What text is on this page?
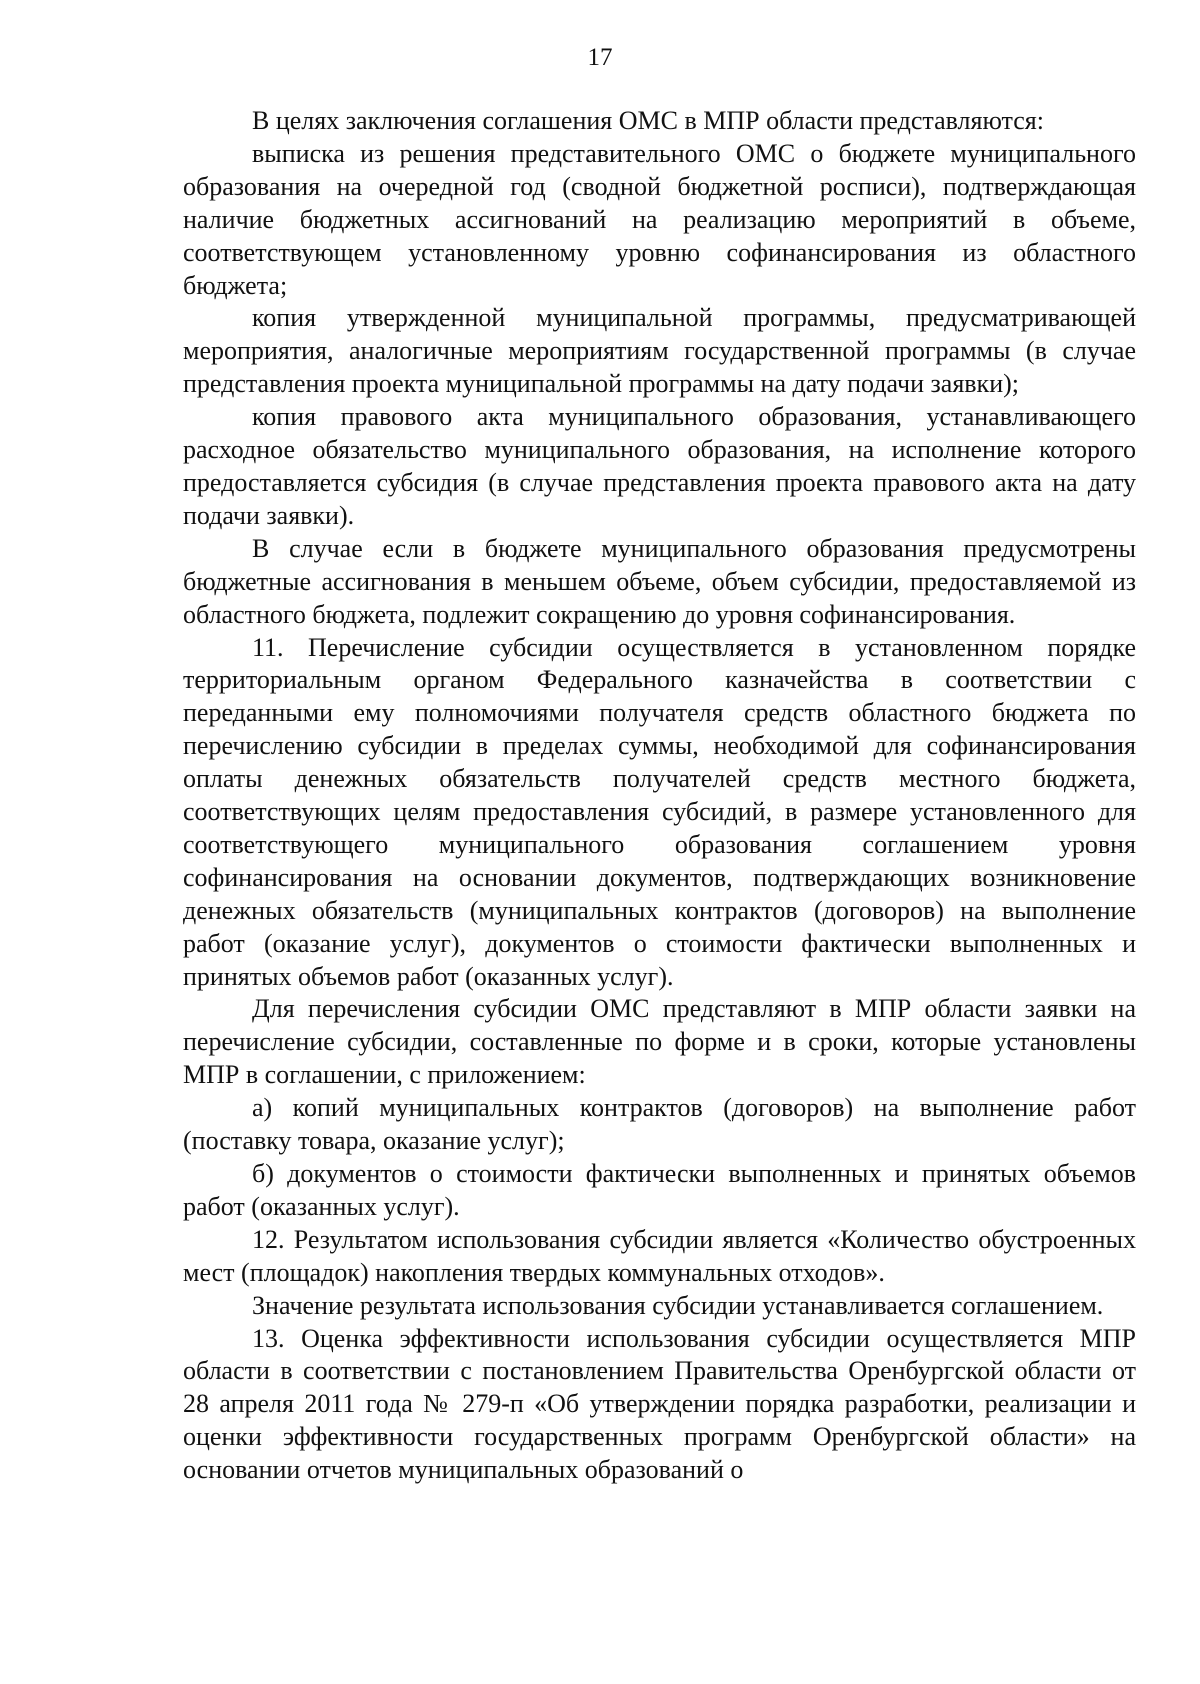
17

В целях заключения соглашения ОМС в МПР области представляются:

выписка из решения представительного ОМС о бюджете муниципального образования на очередной год (сводной бюджетной росписи), подтверждающая наличие бюджетных ассигнований на реализацию мероприятий в объеме, соответствующем установленному уровню софинансирования из областного бюджета;

копия утвержденной муниципальной программы, предусматривающей мероприятия, аналогичные мероприятиям государственной программы (в случае представления проекта муниципальной программы на дату подачи заявки);

копия правового акта муниципального образования, устанавливающего расходное обязательство муниципального образования, на исполнение которого предоставляется субсидия (в случае представления проекта правового акта на дату подачи заявки).

В случае если в бюджете муниципального образования предусмотрены бюджетные ассигнования в меньшем объеме, объем субсидии, предоставляемой из областного бюджета, подлежит сокращению до уровня софинансирования.

11. Перечисление субсидии осуществляется в установленном порядке территориальным органом Федерального казначейства в соответствии с переданными ему полномочиями получателя средств областного бюджета по перечислению субсидии в пределах суммы, необходимой для софинансирования оплаты денежных обязательств получателей средств местного бюджета, соответствующих целям предоставления субсидий, в размере установленного для соответствующего муниципального образования соглашением уровня софинансирования на основании документов, подтверждающих возникновение денежных обязательств (муниципальных контрактов (договоров) на выполнение работ (оказание услуг), документов о стоимости фактически выполненных и принятых объемов работ (оказанных услуг).

Для перечисления субсидии ОМС представляют в МПР области заявки на перечисление субсидии, составленные по форме и в сроки, которые установлены МПР в соглашении, с приложением:

а) копий муниципальных контрактов (договоров) на выполнение работ (поставку товара, оказание услуг);

б) документов о стоимости фактически выполненных и принятых объемов работ (оказанных услуг).

12. Результатом использования субсидии является «Количество обустроенных мест (площадок) накопления твердых коммунальных отходов».

Значение результата использования субсидии устанавливается соглашением.

13. Оценка эффективности использования субсидии осуществляется МПР области в соответствии с постановлением Правительства Оренбургской области от 28 апреля 2011 года № 279-п «Об утверждении порядка разработки, реализации и оценки эффективности государственных программ Оренбургской области» на основании отчетов муниципальных образований о
